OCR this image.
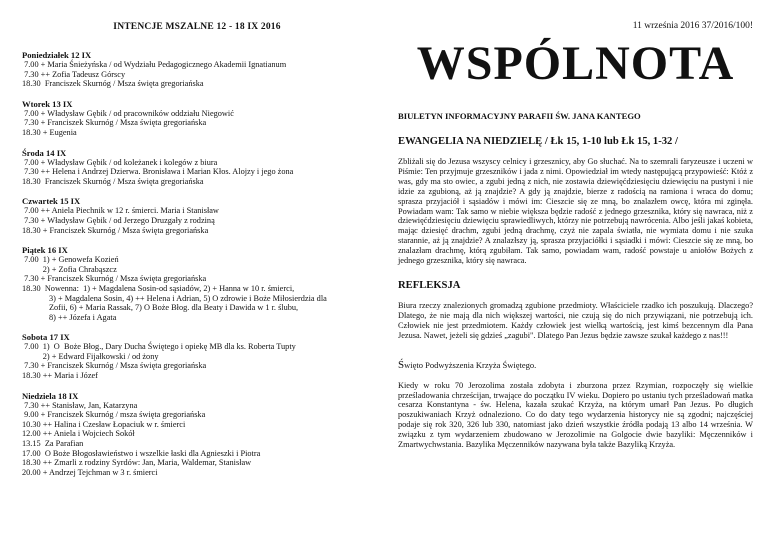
INTENCJE MSZALNE 12 - 18 IX 2016
Poniedziałek 12 IX
7.00 + Maria Śnieżyńska / od Wydziału Pedagogicznego Akademii Ignatianum
7.30 ++ Zofia Tadeusz Górscy
18.30  Franciszek Skurnóg / Msza święta gregoriańska
Wtorek 13 IX
7.00 + Władysław Gębik / od pracowników oddziału Niegowić
7.30 + Franciszek Skurnóg / Msza święta gregoriańska
18.30 + Eugenia
Środa 14 IX
7.00 + Władysław Gębik / od koleżanek i kolegów z biura
7.30 ++ Helena i Andrzej Dzierwa. Bronisława i Marian Kłos. Alojzy i jego żona
18.30  Franciszek Skurnóg / Msza święta gregoriańska
Czwartek 15 IX
7.00 ++ Aniela Piechnik w 12 r. śmierci. Maria i Stanisław
7.30 + Władysław Gębik / od Jerzego Druzgały z rodziną
18.30 + Franciszek Skurnóg / Msza święta gregoriańska
Piątek 16 IX
7.00  1) + Genowefa Kozień
2) + Zofia Chrabąszcz
7.30 + Franciszek Skurnóg / Msza święta gregoriańska
18.30  Nowenna:  1) + Magdalena Sosin-od sąsiadów, 2) + Hanna w 10 r. śmierci,
3) + Magdalena Sosin, 4) ++ Helena i Adrian, 5) O zdrowie i Boże Miłosierdzia dla
Zofii, 6) + Maria Rassak, 7) O Boże Błog. dla Beaty i Dawida w 1 r. ślubu,
8) ++ Józefa i Agata
Sobota 17 IX
7.00  1)  O  Boże Błog., Dary Ducha Świętego i opiekę MB dla ks. Roberta Tupty
2) + Edward Fijałkowski / od żony
7.30 + Franciszek Skurnóg / Msza święta gregoriańska
18.30 ++ Maria i Józef
Niedziela 18 IX
7.30 ++ Stanisław, Jan, Katarzyna
9.00 + Franciszek Skurnóg / msza święta gregoriańska
10.30 ++ Halina i Czesław Łopaciuk w r. śmierci
12.00 ++ Aniela i Wojciech Sokół
13.15  Za Parafian
17.00  O Boże Błogosławieństwo i wszelkie łaski dla Agnieszki i Piotra
18.30 ++ Zmarli z rodziny Syrdów: Jan, Maria, Waldemar, Stanisław
20.00 + Andrzej Tejchman w 3 r. śmierci
11 września 2016 37/2016/100!
WSPÓLNOTA
BIULETYN INFORMACYJNY PARAFII ŚW. JANA KANTEGO
EWANGELIA NA NIEDZIELĘ / Łk 15, 1-10 lub Łk 15, 1-32 /
Zbliżali się do Jezusa wszyscy celnicy i grzesznicy, aby Go słuchać. Na to szemrali faryzeusze i uczeni w Piśmie: Ten przyjmuje grzeszników i jada z nimi. Opowiedział im wtedy następującą przypowieść: Któż z was, gdy ma sto owiec, a zgubi jedną z nich, nie zostawia dziewięćdziesięciu dziewięciu na pustyni i nie idzie za zgubioną, aż ją znajdzie? A gdy ją znajdzie, bierze z radością na ramiona i wraca do domu; sprasza przyjaciół i sąsiadów i mówi im: Cieszcie się ze mną, bo znalazłem owcę, która mi zginęła. Powiadam wam: Tak samo w niebie większa będzie radość z jednego grzesznika, który się nawraca, niż z dziewięćdziesięciu dziewięciu sprawiedliwych, którzy nie potrzebują nawrócenia. Albo jeśli jakaś kobieta, mając dziesięć drachm, zgubi jedną drachmę, czyż nie zapala światła, nie wymiata domu i nie szuka starannie, aż ją znajdzie? A znalazłszy ją, sprasza przyjaciółki i sąsiadki i mówi: Cieszcie się ze mną, bo znalazłam drachmę, którą zgubiłam. Tak samo, powiadam wam, radość powstaje u aniołów Bożych z jednego grzesznika, który się nawraca.
REFLEKSJA
Biura rzeczy znalezionych gromadzą zgubione przedmioty. Właściciele rzadko ich poszukują. Dlaczego? Dlatego, że nie mają dla nich większej wartości, nie czują się do nich przywiązani, nie potrzebują ich. Człowiek nie jest przedmiotem. Każdy człowiek jest wielką wartością, jest kimś bezcennym dla Pana Jezusa. Nawet, jeżeli się gdzieś „zagubi". Dlatego Pan Jezus będzie zawsze szukał każdego z nas!!!
Święto Podwyższenia Krzyża Świętego.
Kiedy w roku 70 Jerozolima została zdobyta i zburzona przez Rzymian, rozpoczęły się wielkie prześladowania chrześcijan, trwające do początku IV wieku. Dopiero po ustaniu tych prześladowań matka cesarza Konstantyna - św. Helena, kazała szukać Krzyża, na którym umarł Pan Jezus. Po długich poszukiwaniach Krzyż odnaleziono. Co do daty tego wydarzenia historycy nie są zgodni; najczęściej podaje się rok 320, 326 lub 330, natomiast jako dzień wszystkie źródła podają 13 albo 14 września. W związku z tym wydarzeniem zbudowano w Jerozolimie na Golgocie dwie bazyliki: Męczenników i Zmartwychwstania. Bazylika Męczenników nazywana była także Bazyliką Krzyża.
